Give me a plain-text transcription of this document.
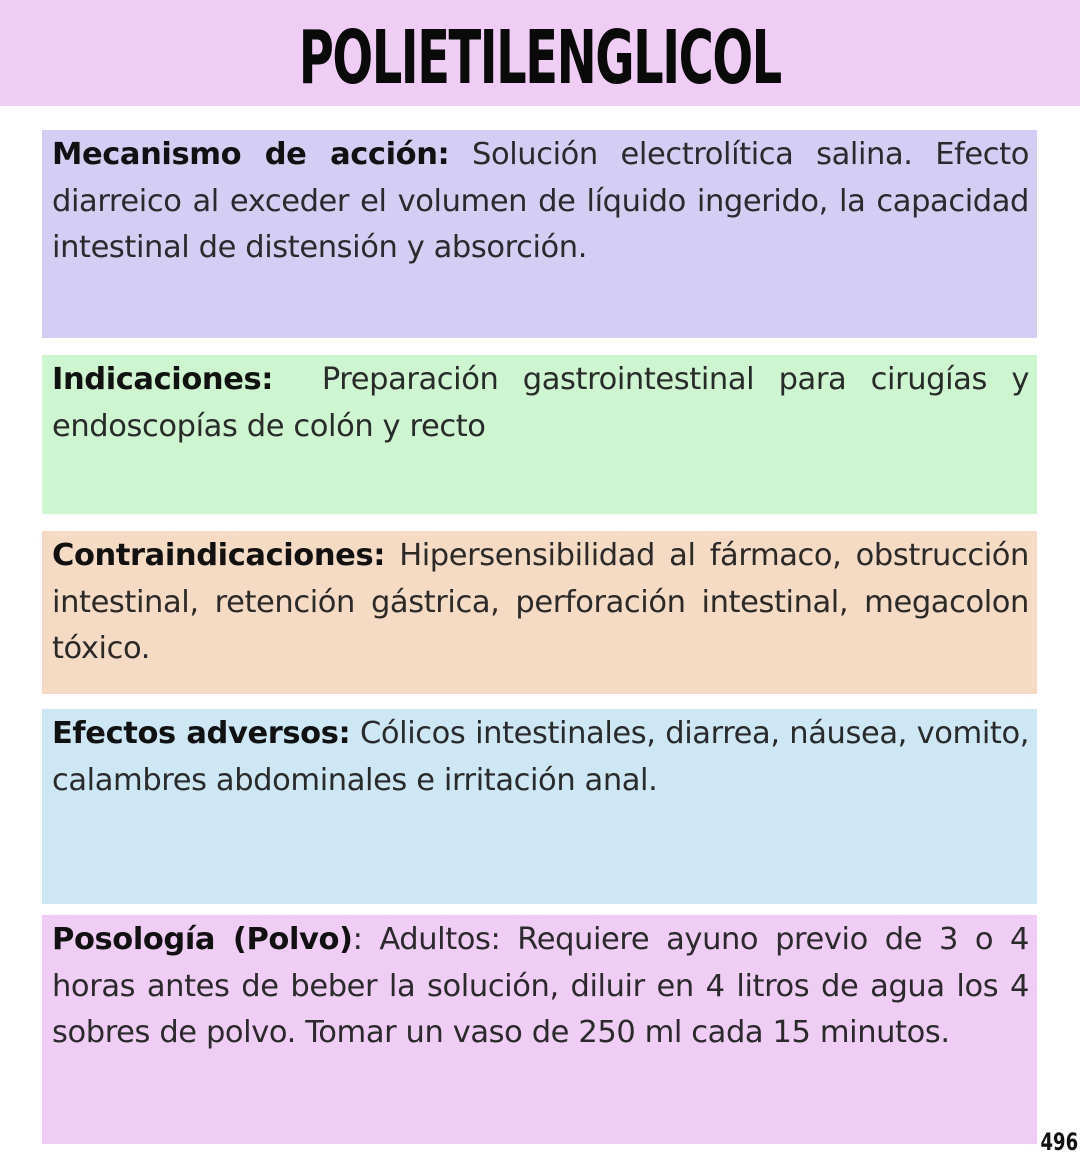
POLIETILENGLICOL
Mecanismo de acción: Solución electrolítica salina. Efecto diarreico al exceder el volumen de líquido ingerido, la capacidad intestinal de distensión y absorción.
Indicaciones:  Preparación gastrointestinal para cirugías y endoscopías de colón y recto
Contraindicaciones: Hipersensibilidad al fármaco, obstrucción intestinal, retención gástrica, perforación intestinal, megacolon tóxico.
Efectos adversos: Cólicos intestinales, diarrea, náusea, vomito, calambres abdominales e irritación anal.
Posología (Polvo): Adultos: Requiere ayuno previo de 3 o 4 horas antes de beber la solución, diluir en 4 litros de agua los 4 sobres de polvo. Tomar un vaso de 250 ml cada 15 minutos.
496
